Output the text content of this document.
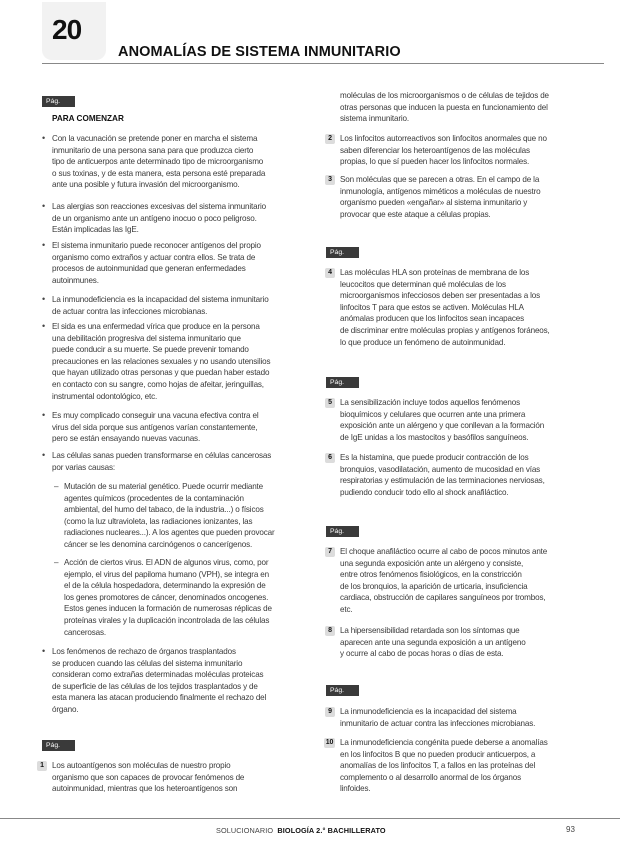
20
ANOMALÍAS DE SISTEMA INMUNITARIO
Pág. 429
PARA COMENZAR
• Con la vacunación se pretende poner en marcha el sistema
inmunitario de una persona sana para que produzca cierto
tipo de anticuerpos ante determinado tipo de microorganismo
o sus toxinas, y de esta manera, esta persona esté preparada
ante una posible y futura invasión del microorganismo.
• Las alergias son reacciones excesivas del sistema inmunitario
de un organismo ante un antígeno inocuo o poco peligroso.
Están implicadas las IgE.
• El sistema inmunitario puede reconocer antígenos del propio
organismo como extraños y actuar contra ellos. Se trata de
procesos de autoinmunidad que generan enfermedades
autoinmunes.
• La inmunodeficiencia es la incapacidad del sistema inmunitario
de actuar contra las infecciones microbianas.
• El sida es una enfermedad vírica que produce en la persona
una debilitación progresiva del sistema inmunitario que
puede conducir a su muerte. Se puede prevenir tomando
precauciones en las relaciones sexuales y no usando utensilios
que hayan utilizado otras personas y que puedan haber estado
en contacto con su sangre, como hojas de afeitar, jeringuillas,
instrumental odontológico, etc.
• Es muy complicado conseguir una vacuna efectiva contra el
virus del sida porque sus antígenos varían constantemente,
pero se están ensayando nuevas vacunas.
• Las células sanas pueden transformarse en células cancerosas
por varias causas:
– Mutación de su material genético. Puede ocurrir mediante
agentes químicos (procedentes de la contaminación
ambiental, del humo del tabaco, de la industria...) o físicos
(como la luz ultravioleta, las radiaciones ionizantes, las
radiaciones nucleares...). A los agentes que pueden provocar
cáncer se les denomina carcinógenos o cancerígenos.
– Acción de ciertos virus. El ADN de algunos virus, como, por
ejemplo, el virus del papiloma humano (VPH), se integra en
el de la célula hospedadora, determinando la expresión de
los genes promotores de cáncer, denominados oncogenes.
Estos genes inducen la formación de numerosas réplicas de
proteínas virales y la duplicación incontrolada de las células
cancerosas.
• Los fenómenos de rechazo de órganos trasplantados
se producen cuando las células del sistema inmunitario
consideran como extrañas determinadas moléculas proteicas
de superficie de las células de los tejidos trasplantados y de
esta manera las atacan produciendo finalmente el rechazo del
órgano.
Pág. 430
1	Los autoantígenos son moléculas de nuestro propio
organismo que son capaces de provocar fenómenos de
autoinmunidad, mientras que los heteroantígenos son
moléculas de los microorganismos o de células de tejidos de
otras personas que inducen la puesta en funcionamiento del
sistema inmunitario.
2	Los linfocitos autorreactivos son linfocitos anormales que no
saben diferenciar los heteroantígenos de las moléculas
propias, lo que sí pueden hacer los linfocitos normales.
3	Son moléculas que se parecen a otras. En el campo de la
inmunología, antígenos miméticos a moléculas de nuestro
organismo pueden «engañar» al sistema inmunitario y
provocar que este ataque a células propias.
Pág. 431
4	Las moléculas HLA son proteínas de membrana de los
leucocitos que determinan qué moléculas de los
microorganismos infecciosos deben ser presentadas a los
linfocitos T para que estos se activen. Moléculas HLA
anómalas producen que los linfocitos sean incapaces
de discriminar entre moléculas propias y antígenos foráneos,
lo que produce un fenómeno de autoinmunidad.
Pág. 432
5	La sensibilización incluye todos aquellos fenómenos
bioquímicos y celulares que ocurren ante una primera
exposición ante un alérgeno y que conllevan a la formación
de IgE unidas a los mastocitos y basófilos sanguíneos.
6	Es la histamina, que puede producir contracción de los
bronquios, vasodilatación, aumento de mucosidad en vías
respiratorias y estimulación de las terminaciones nerviosas,
pudiendo conducir todo ello al shock anafiláctico.
Pág. 433
7	El choque anafiláctico ocurre al cabo de pocos minutos ante
una segunda exposición ante un alérgeno y consiste,
entre otros fenómenos fisiológicos, en la constricción
de los bronquios, la aparición de urticaria, insuficiencia
cardiaca, obstrucción de capilares sanguíneos por trombos,
etc.
8	La hipersensibilidad retardada son los síntomas que
aparecen ante una segunda exposición a un antígeno
y ocurre al cabo de pocas horas o días de esta.
Pág. 434
9	La inmunodeficiencia es la incapacidad del sistema
inmunitario de actuar contra las infecciones microbianas.
10 La inmunodeficiencia congénita puede deberse a anomalías
en los linfocitos B que no pueden producir anticuerpos, a
anomalías de los linfocitos T, a fallos en las proteínas del
complemento o al desarrollo anormal de los órganos
linfoides.
SOLUCIONARIO BIOLOGÍA 2.° BACHILLERATO	93
